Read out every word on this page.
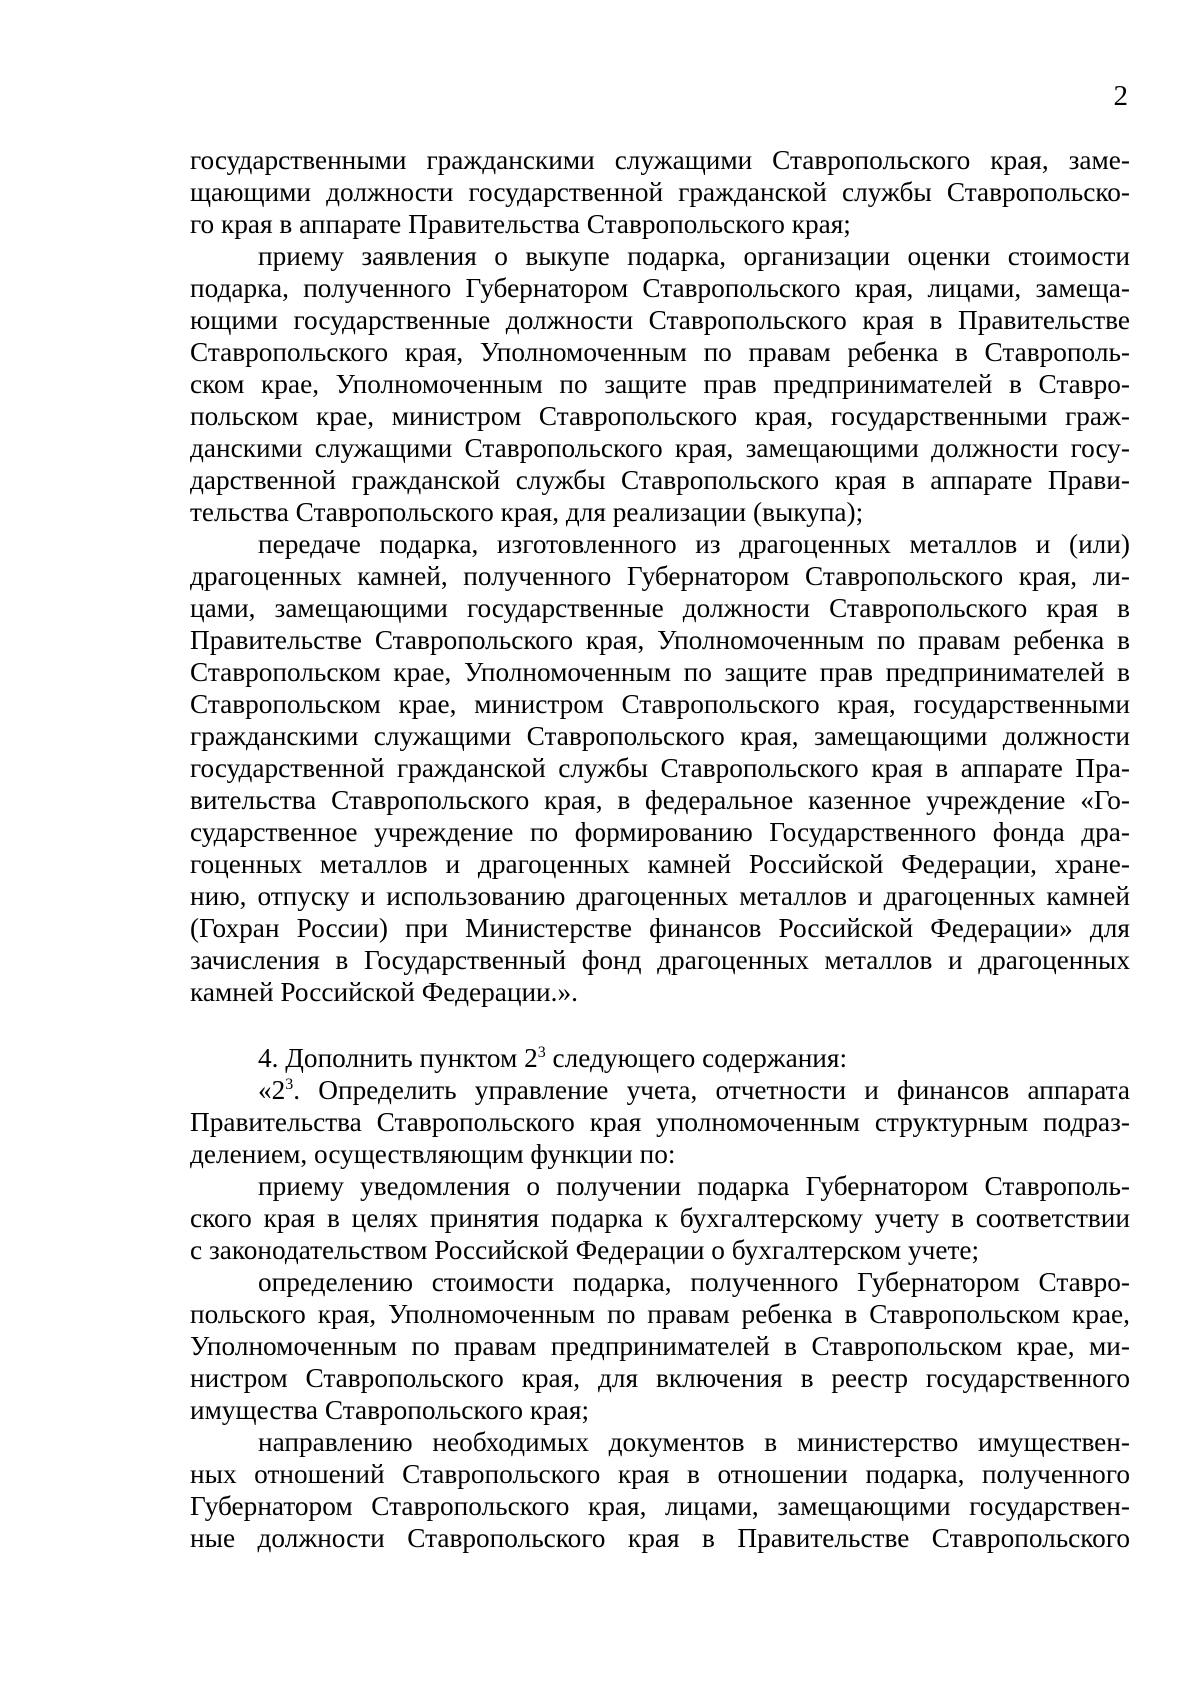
2
государственными гражданскими служащими Ставропольского края, заме-
щающими должности государственной гражданской службы Ставропольско-
го края в аппарате Правительства Ставропольского края;
приему заявления о выкупе подарка, организации оценки стоимости
подарка, полученного Губернатором Ставропольского края, лицами, замеща-
ющими государственные должности Ставропольского края в Правительстве
Ставропольского края, Уполномоченным по правам ребенка в Ставрополь-
ском крае, Уполномоченным по защите прав предпринимателей в Ставро-
польском крае, министром Ставропольского края, государственными граж-
данскими служащими Ставропольского края, замещающими должности госу-
дарственной гражданской службы Ставропольского края в аппарате Прави-
тельства Ставропольского края, для реализации (выкупа);
передаче подарка, изготовленного из драгоценных металлов и (или)
драгоценных камней, полученного Губернатором Ставропольского края, ли-
цами, замещающими государственные должности Ставропольского края в
Правительстве Ставропольского края, Уполномоченным по правам ребенка в
Ставропольском крае, Уполномоченным по защите прав предпринимателей в
Ставропольском крае, министром Ставропольского края, государственными
гражданскими служащими Ставропольского края, замещающими должности
государственной гражданской службы Ставропольского края в аппарате Пра-
вительства Ставропольского края, в федеральное казенное учреждение «Го-
сударственное учреждение по формированию Государственного фонда дра-
гоценных металлов и драгоценных камней Российской Федерации, хране-
нию, отпуску и использованию драгоценных металлов и драгоценных камней
(Гохран России) при Министерстве финансов Российской Федерации» для
зачисления в Государственный фонд драгоценных металлов и драгоценных
камней Российской Федерации.».
4. Дополнить пунктом $2^3$ следующего содержания:
«$2^3$. Определить управление учета, отчетности и финансов аппарата
Правительства Ставропольского края уполномоченным структурным подраз-
делением, осуществляющим функции по:
приему уведомления о получении подарка Губернатором Ставрополь-
ского края в целях принятия подарка к бухгалтерскому учету в соответствии
с законодательством Российской Федерации о бухгалтерском учете;
определению стоимости подарка, полученного Губернатором Ставро-
польского края, Уполномоченным по правам ребенка в Ставропольском крае,
Уполномоченным по правам предпринимателей в Ставропольском крае, ми-
нистром Ставропольского края, для включения в реестр государственного
имущества Ставропольского края;
направлению необходимых документов в министерство имуществен-
ных отношений Ставропольского края в отношении подарка, полученного
Губернатором Ставропольского края, лицами, замещающими государствен-
ные должности Ставропольского края в Правительстве Ставропольского
